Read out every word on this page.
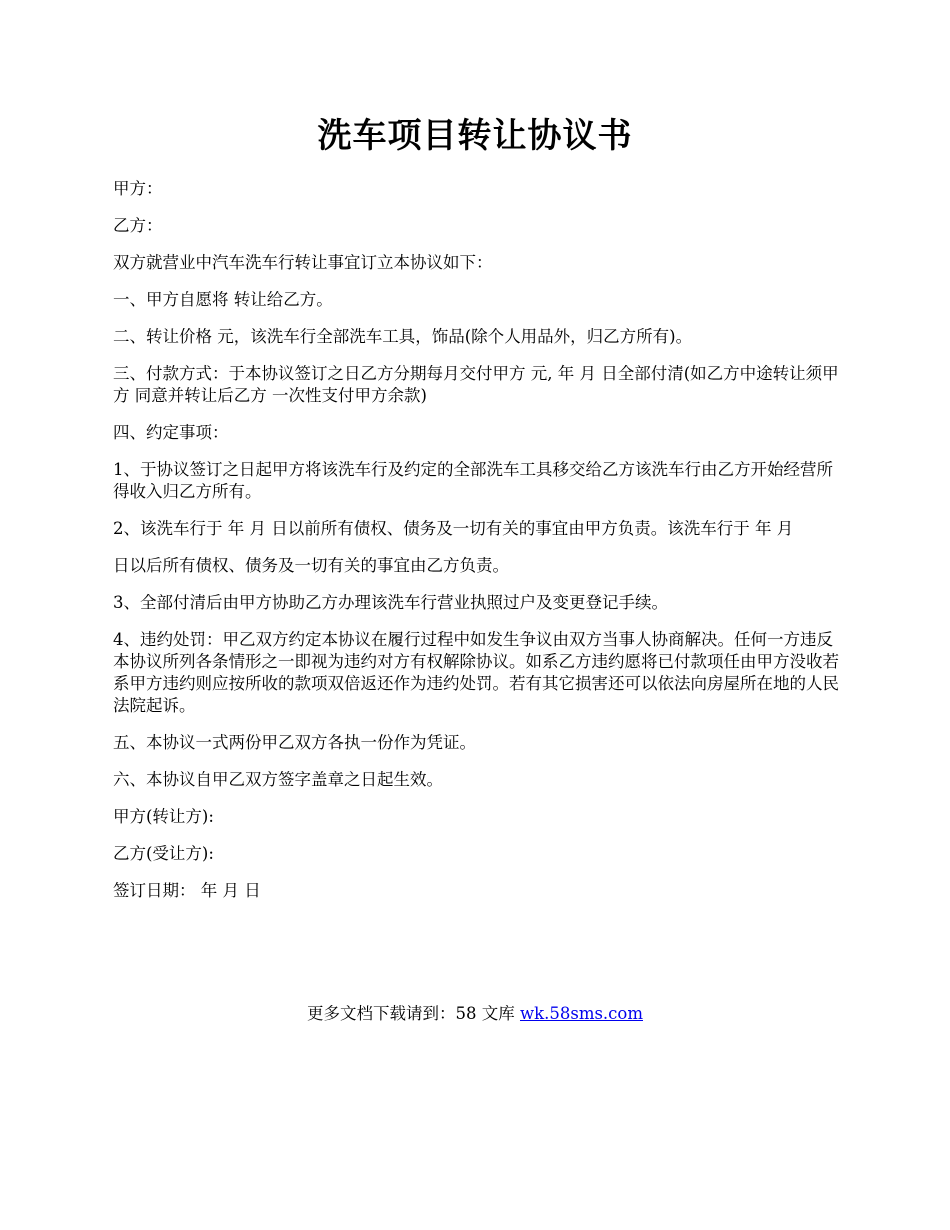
洗车项目转让协议书

甲方：

乙方：

双方就营业中汽车洗车行转让事宜订立本协议如下：

一、甲方自愿将 转让给乙方。

二、转让价格 元，该洗车行全部洗车工具，饰品(除个人用品外，归乙方所有)。

三、付款方式：于本协议签订之日乙方分期每月交付甲方 元, 年 月 日全部付清(如乙方中途转让须甲方 同意并转让后乙方 一次性支付甲方余款)

四、约定事项：

1、于协议签订之日起甲方将该洗车行及约定的全部洗车工具移交给乙方该洗车行由乙方开始经营所得收入归乙方所有。

2、该洗车行于 年 月 日以前所有债权、债务及一切有关的事宜由甲方负责。该洗车行于 年 月

日以后所有债权、债务及一切有关的事宜由乙方负责。

3、全部付清后由甲方协助乙方办理该洗车行营业执照过户及变更登记手续。

4、违约处罚：甲乙双方约定本协议在履行过程中如发生争议由双方当事人协商解决。任何一方违反本协议所列各条情形之一即视为违约对方有权解除协议。如系乙方违约愿将已付款项任由甲方没收若系甲方违约则应按所收的款项双倍返还作为违约处罚。若有其它损害还可以依法向房屋所在地的人民法院起诉。

五、本协议一式两份甲乙双方各执一份作为凭证。

六、本协议自甲乙双方签字盖章之日起生效。

甲方(转让方):

乙方(受让方):

签订日期： 年 月 日

更多文档下载请到：58 文库 wk.58sms.com
